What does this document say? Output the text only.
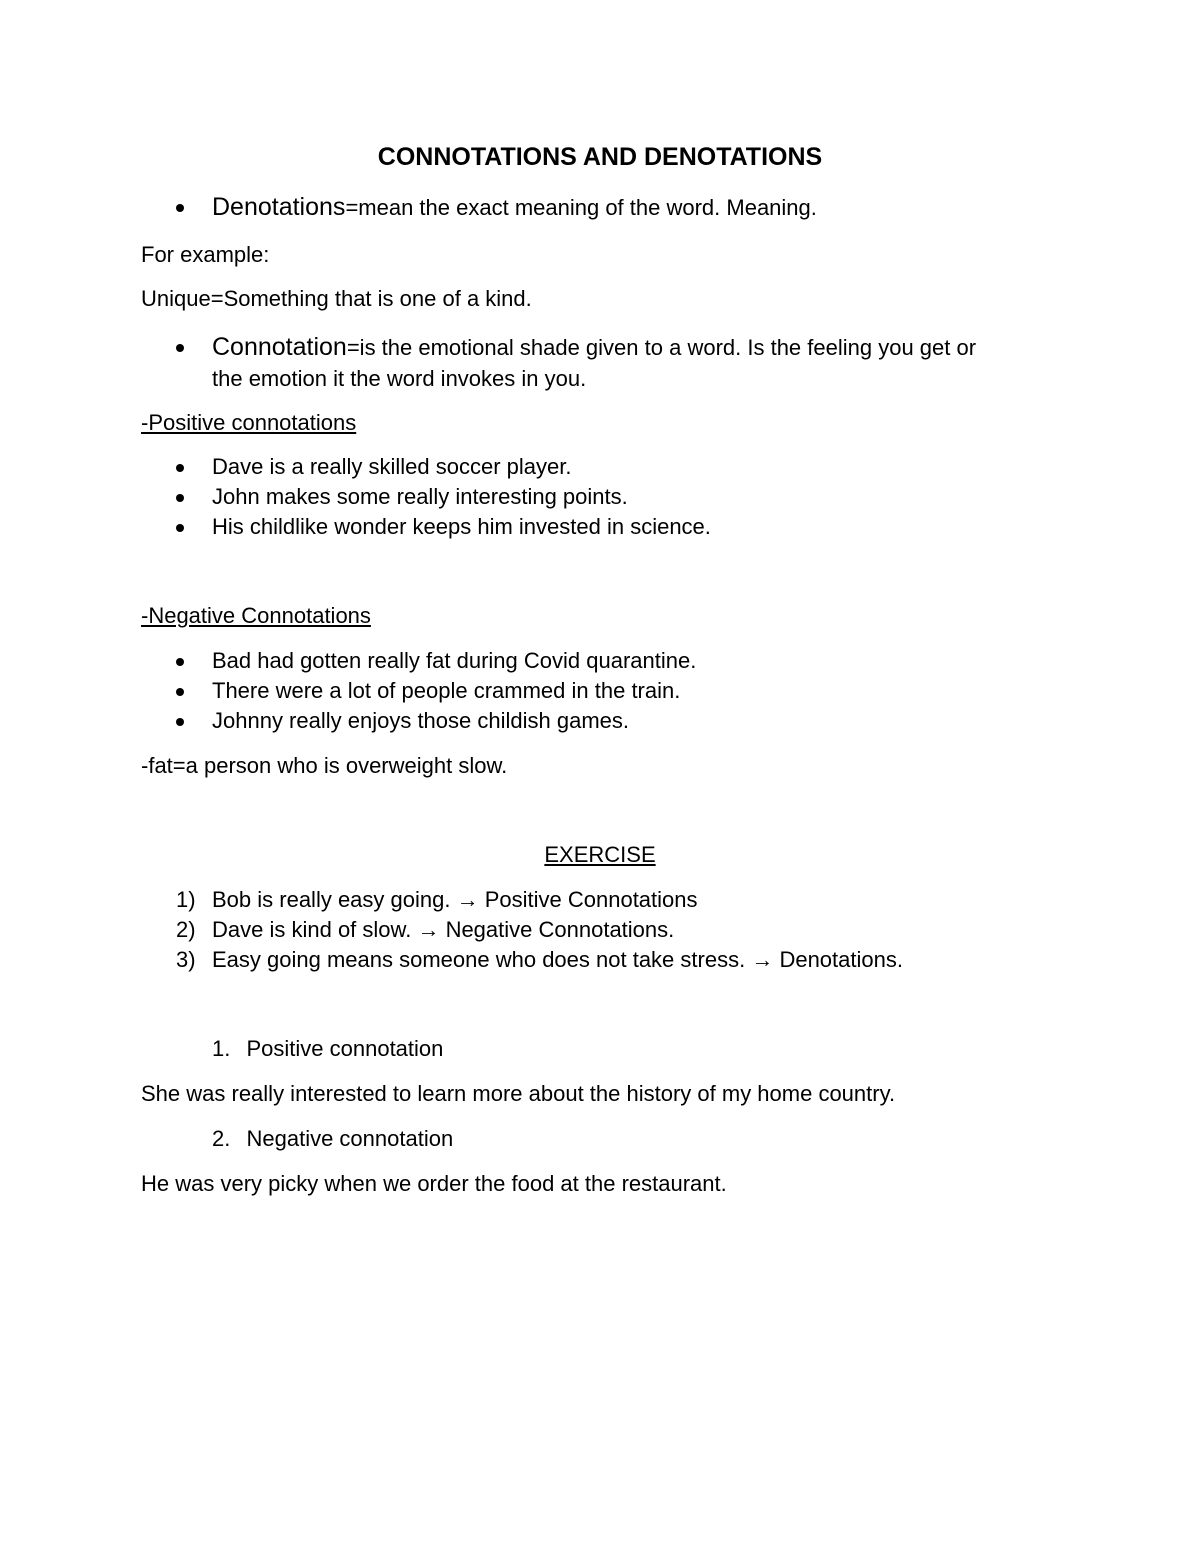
CONNOTATIONS AND DENOTATIONS
Denotations=mean the exact meaning of the word. Meaning.
For example:
Unique=Something that is one of a kind.
Connotation=is the emotional shade given to a word. Is the feeling you get or
the emotion it the word invokes in you.
-Positive connotations
Dave is a really skilled soccer player.
John makes some really interesting points.
His childlike wonder keeps him invested in science.
-Negative Connotations
Bad had gotten really fat during Covid quarantine.
There were a lot of people crammed in the train.
Johnny really enjoys those childish games.
-fat=a person who is overweight slow.
EXERCISE
1) Bob is really easy going. → Positive Connotations
2) Dave is kind of slow. → Negative Connotations.
3) Easy going means someone who does not take stress. → Denotations.
1. Positive connotation
She was really interested to learn more about the history of my home country.
2. Negative connotation
He was very picky when we order the food at the restaurant.
